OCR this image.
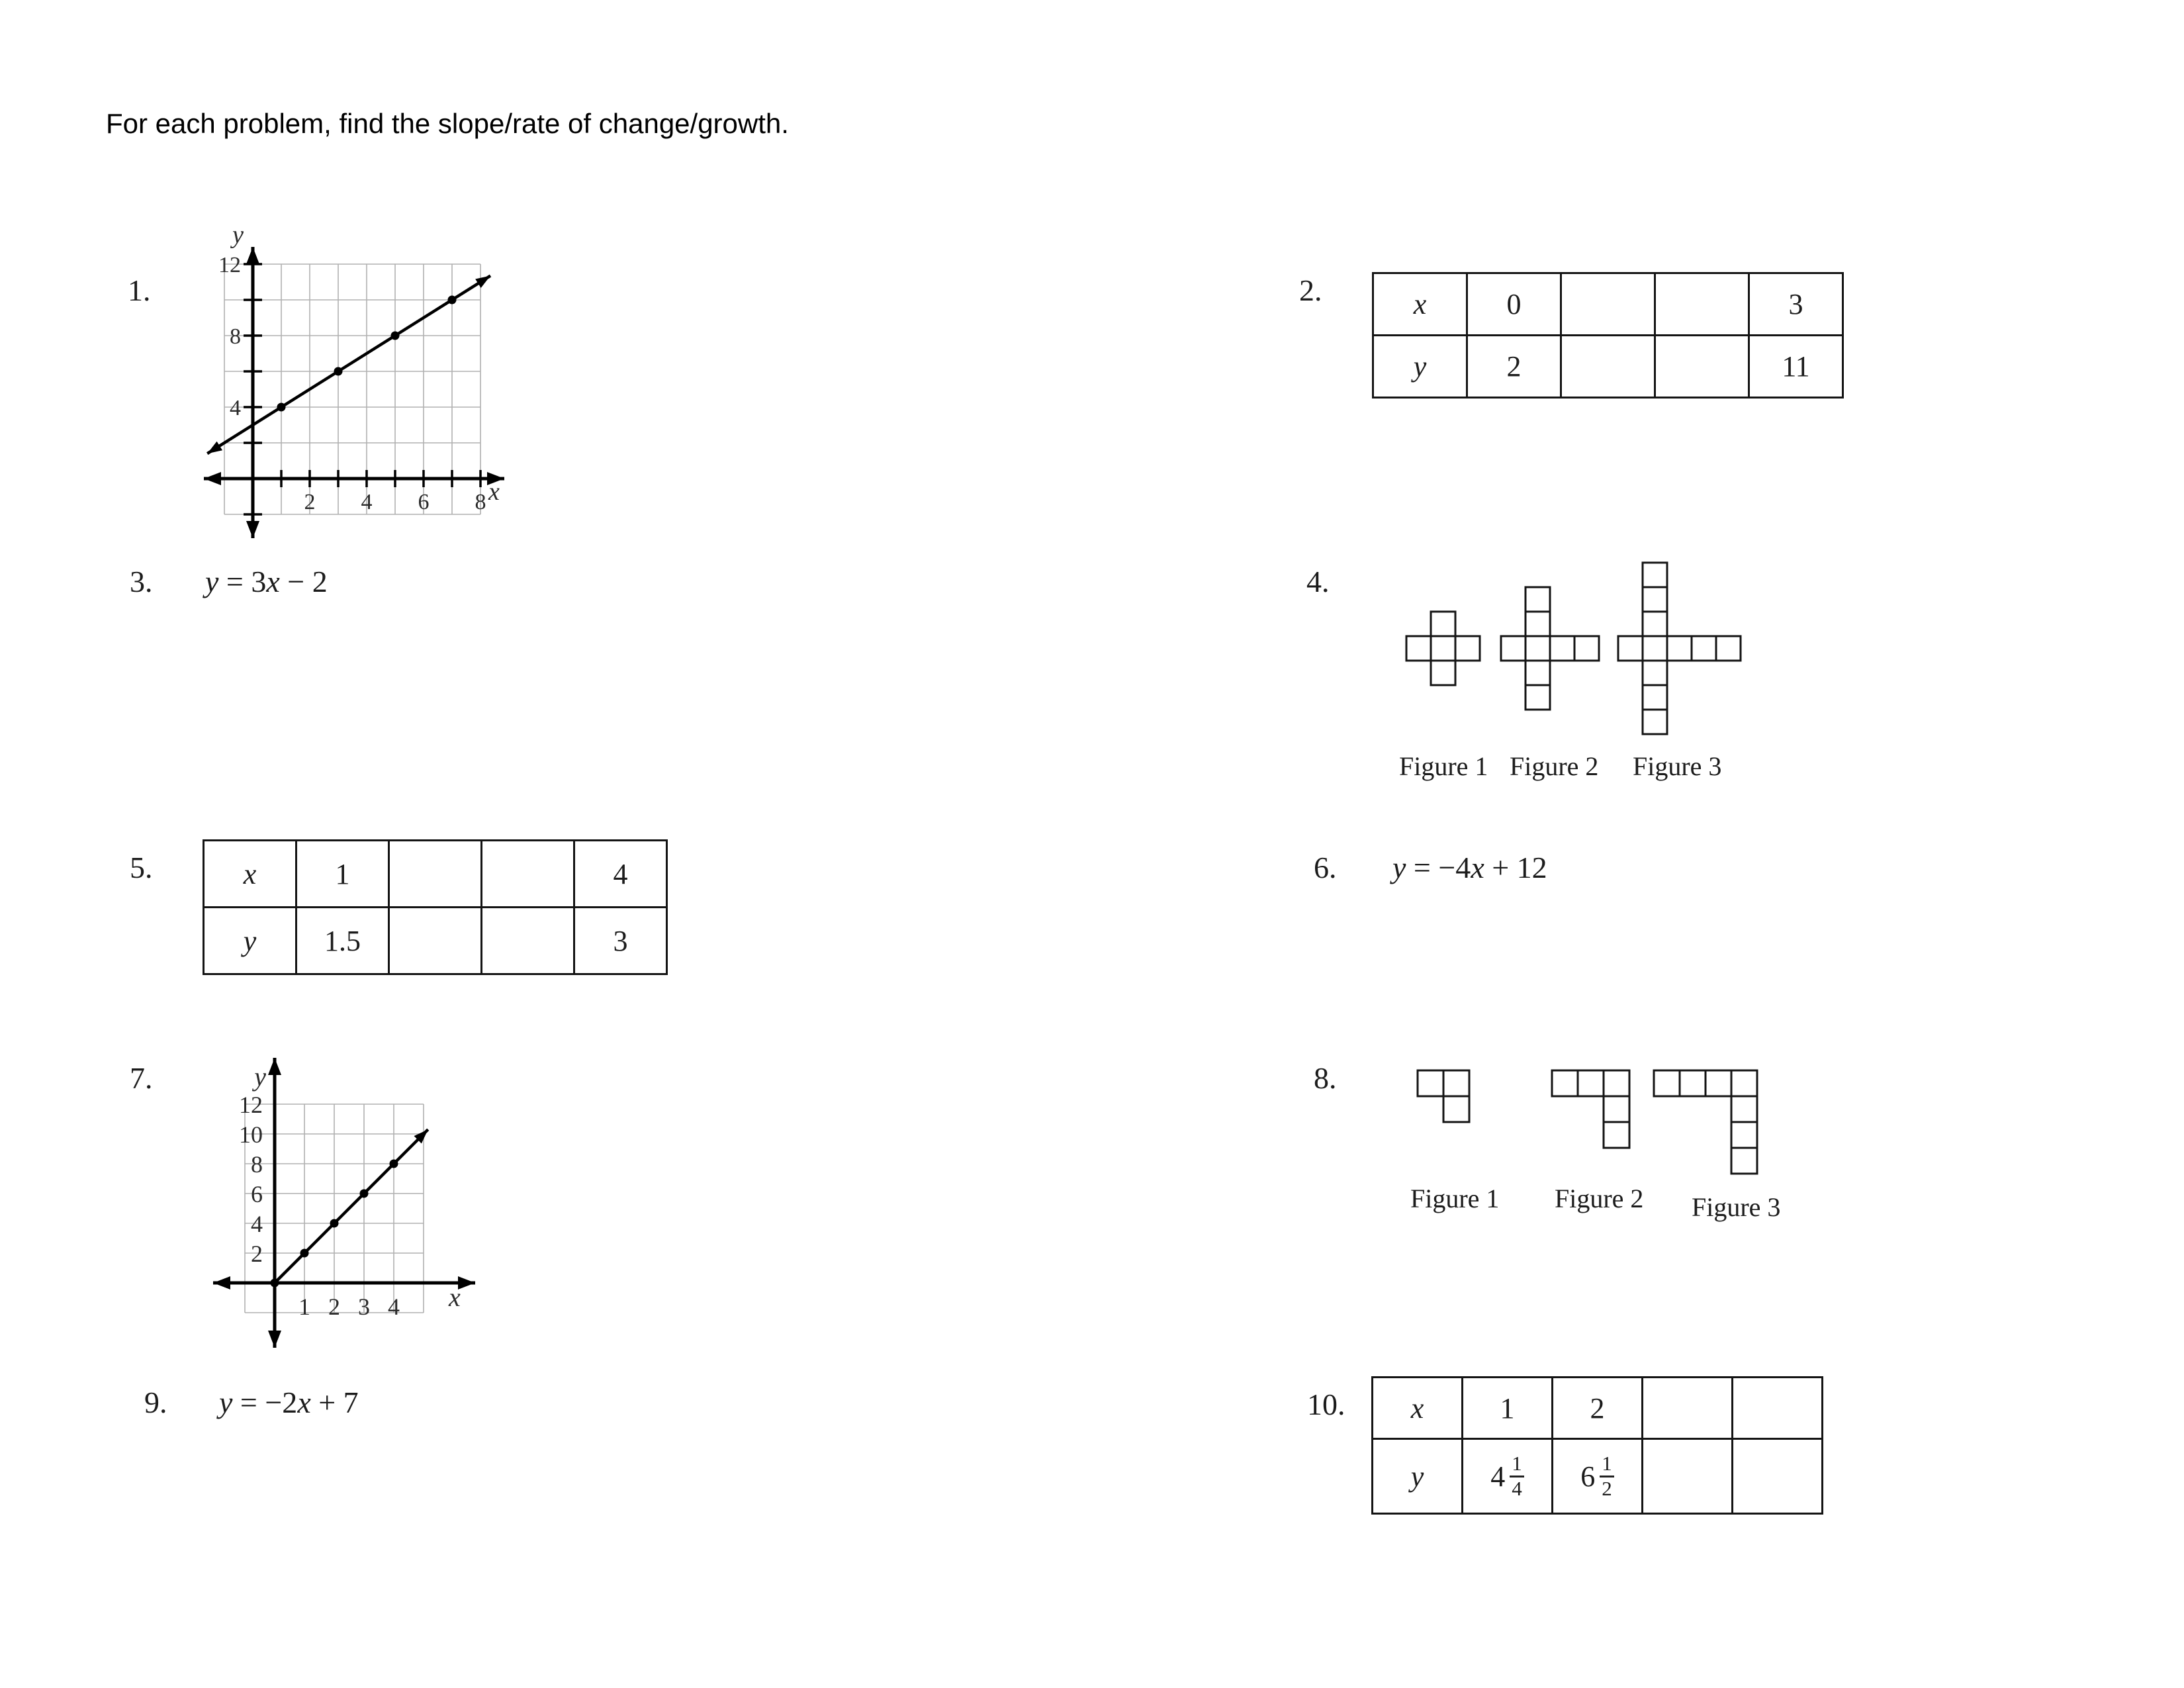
For each problem, find the slope/rate of change/growth.
1.
2 4 6 8
4
8
12
x
y
2.	x	0			3
y	2			11
3. y = 3x − 2	4.
Figure 1 Figure 2 Figure 3
5.	x	1			4
y	1.5			3
6. y = −4x + 12
7.
1 2 3 4
2
4
6
8
10
12
x
y	8.
Figure 1 Figure 2 Figure 3
9. y = −2x + 7	10. x	1	2		
y	$4 \frac{1}{4}$	$6 \frac{1}{2}$
